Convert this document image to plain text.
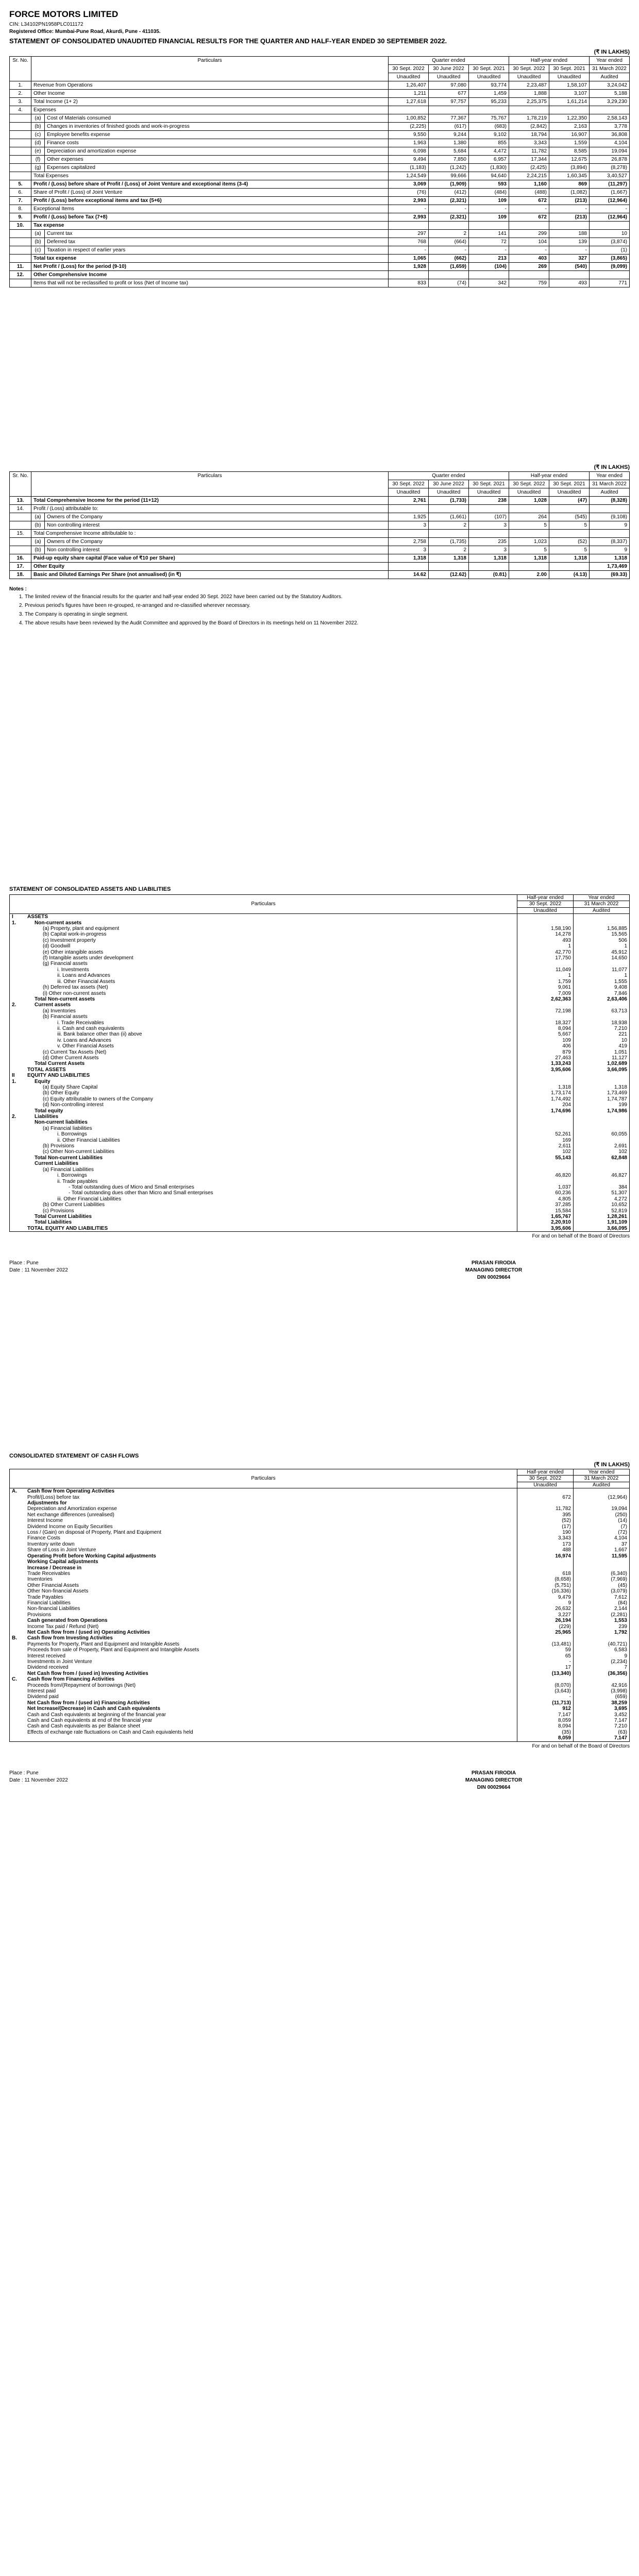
FORCE MOTORS LIMITED

CIN: L34102PN1958PLC011172

Registered Office: Mumbai-Pune Road, Akurdi, Pune - 411035.

STATEMENT OF CONSOLIDATED UNAUDITED FINANCIAL RESULTS FOR THE QUARTER AND HALF-YEAR ENDED 30 SEPTEMBER 2022.

(₹ IN LAKHS)

Sr. No.	Particulars		Quarter ended			Half-year ended		Year ended
			30 Sept. 2022	30 June 2022	30 Sept. 2021	30 Sept. 2022	30 Sept. 2021	31 March 2022
			Unaudited	Unaudited	Unaudited	Unaudited	Unaudited	Audited
1.	Revenue from Operations		1,26,407	97,080	93,774	2,23,487	1,58,107	3,24,042
2.	Other Income		1,211	677	1,459	1,888	3,107	5,188
3.	Total Income (1+ 2)		1,27,618	97,757	95,233	2,25,375	1,61,214	3,29,230
4.	Expenses							
	(a)	Cost of Materials consumed	1,00,852	77,367	75,767	1,78,219	1,22,350	2,58,143
	(b)	Changes in inventories of finished goods and work-in-progress	(2,225)	(617)	(683)	(2,842)	2,163	3,778
	(c)	Employee benefits expense	9,550	9,244	9,102	18,794	16,907	36,808
	(d)	Finance costs	1,963	1,380	855	3,343	1,559	4,104
	(e)	Depreciation and amortization expense	6,098	5,684	4,472	11,782	8,585	19,094
	(f)	Other expenses	9,494	7,850	6,957	17,344	12,675	26,878
	(g)	Expenses capitalized	(1,183)	(1,242)	(1,830)	(2,425)	(3,894)	(8,278)
	Total Expenses		1,24,549	99,666	94,640	2,24,215	1,60,345	3,40,527
5.	Profit / (Loss) before share of Profit / (Loss) of Joint Venture and exceptional items (3-4)		3,069	(1,909)	593	1,160	869	(11,297)
6.	Share of Profit / (Loss) of Joint Venture		(76)	(412)	(484)	(488)	(1,082)	(1,667)
7.	Profit / (Loss) before exceptional items and tax (5+6)		2,993	(2,321)	109	672	(213)	(12,964)
8.	Exceptional Items		-	-	-	-	-	-
9.	Profit / (Loss) before Tax (7+8)		2,993	(2,321)	109	672	(213)	(12,964)
10.	Tax expense							
	(a)	Current tax	297	2	141	299	188	10
	(b)	Deferred tax	768	(664)	72	104	139	(3,874)
	(c)	Taxation in respect of earlier years	-	-	-	-	-	(1)
	Total tax expense		1,065	(662)	213	403	327	(3,865)
11.	Net Profit / (Loss) for the period (9-10)		1,928	(1,659)	(104)	269	(540)	(9,099)
12.	Other Comprehensive Income							
	Items that will not be reclassified to profit or loss (Net of Income tax)		833	(74)	342	759	493	771

(₹ IN LAKHS)

Sr. No.	Particulars		Quarter ended			Half-year ended		Year ended
			30 Sept. 2022	30 June 2022	30 Sept. 2021	30 Sept. 2022	30 Sept. 2021	31 March 2022
			Unaudited	Unaudited	Unaudited	Unaudited	Unaudited	Audited
13.	Total Comprehensive Income for the period (11+12)		2,761	(1,733)	238	1,028	(47)	(8,328)
14.	Profit / (Loss) attributable to:							
	(a)	Owners of the Company	1,925	(1,661)	(107)	264	(545)	(9,108)
	(b)	Non controlling interest	3	2	3	5	5	9
15.	Total Comprehensive Income attributable to :							
	(a)	Owners of the Company	2,758	(1,735)	235	1,023	(52)	(8,337)
	(b)	Non controlling interest	3	2	3	5	5	9
16.	Paid-up equity share capital (Face value of ₹10 per Share)		1,318	1,318	1,318	1,318	1,318	1,318
17.	Other Equity							1,73,469
18.	Basic and Diluted Earnings Per Share (not annualised) (in ₹)		14.62	(12.62)	(0.81)	2.00	(4.13)	(69.33)

Notes :

1. The limited review of the financial results for the quarter and half-year ended 30 Sept. 2022 have been carried out by the Statutory Auditors.
2. Previous period's figures have been re-grouped, re-arranged and re-classified wherever necessary.
3. The Company is operating in single segment.
4. The above results have been reviewed by the Audit Committee and approved by the Board of Directors in its meetings held on 11 November 2022.

STATEMENT OF CONSOLIDATED ASSETS AND LIABILITIES

Particulars		Half-year ended	Year ended
		30 Sept. 2022	31 March 2022
		Unaudited	Audited
I	ASSETS		
1.	Non-current assets		
	(a) Property, plant and equipment	1,58,190	1,56,885
	(b) Capital work-in-progress	14,278	15,565
	(c) Investment property	493	506
	(d) Goodwill	1	1
	(e) Other intangible assets	42,770	45,912
	(f) Intangible assets under development	17,750	14,650
	(g) Financial assets		
	i. Investments	11,049	11,077
	ii. Loans and Advances	1	1
	iii. Other Financial Assets	1,759	1,555
	(h) Deferred tax assets (Net)	9,061	9,408
	(i) Other non-current assets	7,009	7,846
	Total Non-current assets	2,62,363	2,63,406
2.	Current assets		
	(a) Inventories	72,198	63,713
	(b) Financial assets		
	i. Trade Receivables	18,327	18,938
	ii. Cash and cash equivalents	8,094	7,210
	iii. Bank balance other than (ii) above	5,667	221
	iv. Loans and Advances	109	10
	v. Other Financial Assets	406	419
	(c) Current Tax Assets (Net)	879	1,051
	(d) Other Current Assets	27,463	11,127
	Total Current Assets	1,33,243	1,02,689
	TOTAL ASSETS	3,95,606	3,66,095
II	EQUITY AND LIABILITIES		
1.	Equity		
	(a) Equity Share Capital	1,318	1,318
	(b) Other Equity	1,73,174	1,73,469
	(c) Equity attributable to owners of the Company	1,74,492	1,74,787
	(d) Non-controlling interest	204	199
	Total equity	1,74,696	1,74,986
2.	Liabilities		
	Non-current liabilities		
	(a) Financial liabilities		
	i. Borrowings	52,261	60,055
	ii. Other Financial Liabilities	169	
	(b) Provisions	2,611	2,691
	(c) Other Non-current Liabilities	102	102
	Total Non-current Liabilities	55,143	62,848
	Current Liabilities		
	(a) Financial Liabilities		
	i. Borrowings	46,820	46,827
	ii. Trade payables		
	- Total outstanding dues of Micro and Small enterprises	1,037	384
	- Total outstanding dues other than Micro and Small enterprises	60,236	51,307
	iii. Other Financial Liabilities	4,805	4,272
	(b) Other Current Liabilities	37,285	10,652
	(c) Provisions	15,584	52,819
	Total Current Liabilities	1,65,767	1,28,261
	Total Liabilities	2,20,910	1,91,109
	TOTAL EQUITY AND LIABILITIES	3,95,606	3,66,095

For and on behalf of the Board of Directors

Place : Pune
Date : 11 November 2022
PRASAN FIRODIA
MANAGING DIRECTOR
DIN 00029664

CONSOLIDATED STATEMENT OF CASH FLOWS

(₹ IN LAKHS)

Particulars		Half-year ended	Year ended
		30 Sept. 2022	31 March 2022
		Unaudited	Audited
A.	Cash flow from Operating Activities		
	Profit/(Loss) before tax	672	(12,964)
	Adjustments for		
	Depreciation and Amortization expense	11,782	19,094
	Net exchange differences (unrealised)	395	(250)
	Interest Income	(52)	(14)
	Dividend Income on Equity Securities	(17)	(7)
	Loss / (Gain) on disposal of Property, Plant and Equipment	190	(72)
	Finance Costs	3,343	4,104
	Inventory write down	173	37
	Share of Loss in Joint Venture	488	1,667
	Operating Profit before Working Capital adjustments	16,974	11,595
	Working Capital adjustments		
	Increase / Decrease in		
	Trade Receivables	618	(6,340)
	Inventories	(8,658)	(7,969)
	Other Financial Assets	(5,751)	(45)
	Other Non-financial Assets	(16,336)	(3,079)
	Trade Payables	9,479	7,612
	Financial Liabilities	9	(84)
	Non-financial Liabilities	26,632	2,144
	Provisions	3,227	(2,281)
	Cash generated from Operations	26,194	1,553
	Income Tax paid / Refund (Net)	(229)	239
	Net Cash flow from / (used in) Operating Activities	25,965	1,792
B.	Cash flow from Investing Activities		
	Payments for Property, Plant and Equipment and Intangible Assets	(13,481)	(40,721)
	Proceeds from sale of Property, Plant and Equipment and Intangible Assets	59	6,583
	Interest received	65	9
	Investments in Joint Venture	-	(2,234)
	Dividend received	17	7
	Net Cash flow from / (used in) Investing Activities	(13,340)	(36,356)
C.	Cash flow from Financing Activities		
	Proceeds from/(Repayment of borrowings (Net)	(8,070)	42,916
	Interest paid	(3,643)	(3,998)
	Dividend paid	-	(659)
	Net Cash flow from / (used in) Financing Activities	(11,713)	38,259
	Net Increase/(Decrease) in Cash and Cash equivalents	912	3,695
	Cash and Cash equivalents at beginning of the financial year	7,147	3,452
	Cash and Cash equivalents at end of the financial year	8,059	7,147
	Cash and Cash equivalents as per Balance sheet	8,094	7,210
	Effects of exchange rate fluctuations on Cash and Cash equivalents held	(35)	(63)
		8,059	7,147

For and on behalf of the Board of Directors

Place : Pune
Date : 11 November 2022
PRASAN FIRODIA
MANAGING DIRECTOR
DIN 00029664
